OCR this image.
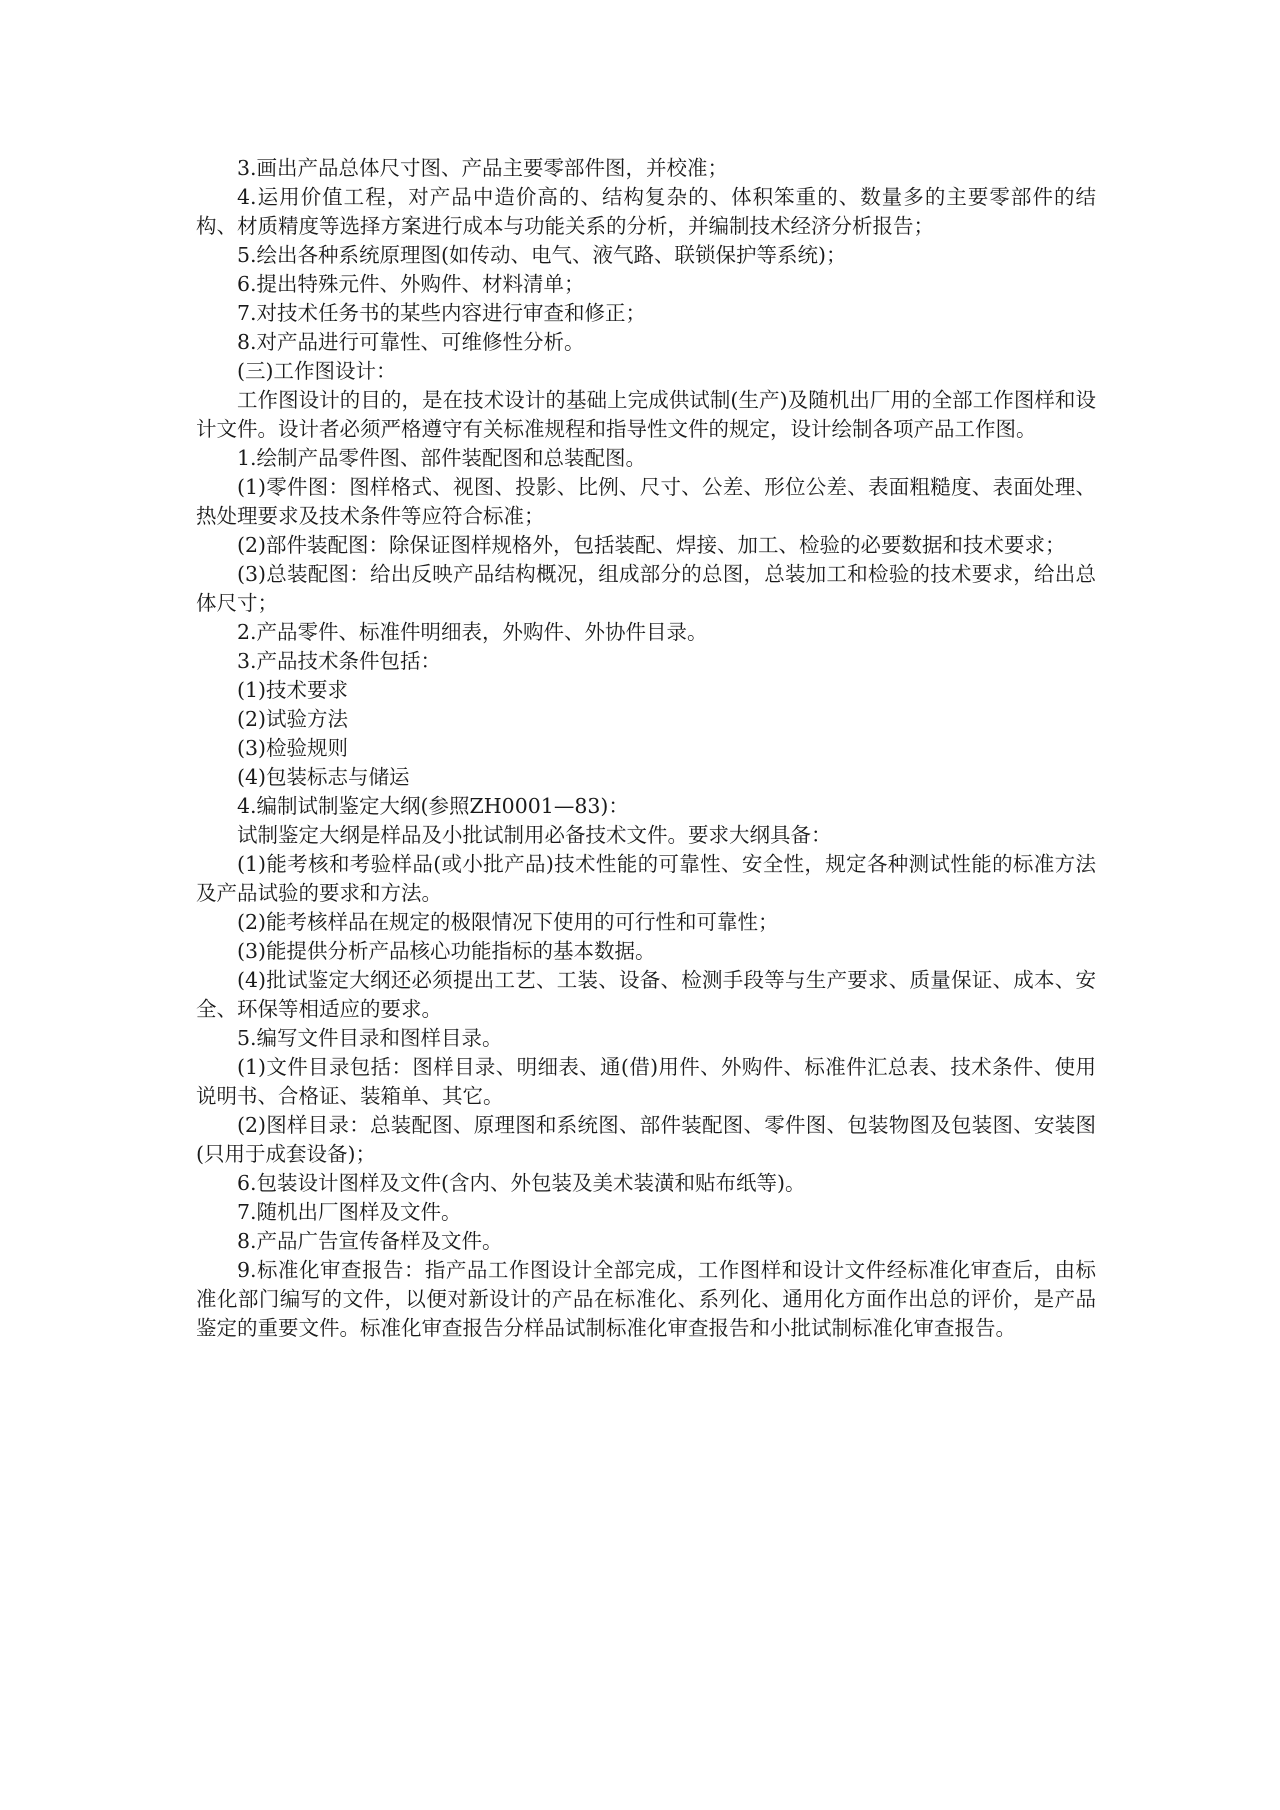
3.画出产品总体尺寸图、产品主要零部件图，并校准；

4.运用价值工程，对产品中造价高的、结构复杂的、体积笨重的、数量多的主要零部件的结构、材质精度等选择方案进行成本与功能关系的分析，并编制技术经济分析报告；

5.绘出各种系统原理图(如传动、电气、液气路、联锁保护等系统)；

6.提出特殊元件、外购件、材料清单；

7.对技术任务书的某些内容进行审查和修正；

8.对产品进行可靠性、可维修性分析。

(三)工作图设计：

工作图设计的目的，是在技术设计的基础上完成供试制(生产)及随机出厂用的全部工作图样和设计文件。设计者必须严格遵守有关标准规程和指导性文件的规定，设计绘制各项产品工作图。

1.绘制产品零件图、部件装配图和总装配图。

(1)零件图：图样格式、视图、投影、比例、尺寸、公差、形位公差、表面粗糙度、表面处理、热处理要求及技术条件等应符合标准；

(2)部件装配图：除保证图样规格外，包括装配、焊接、加工、检验的必要数据和技术要求；

(3)总装配图：给出反映产品结构概况，组成部分的总图，总装加工和检验的技术要求，给出总体尺寸；

2.产品零件、标准件明细表，外购件、外协件目录。

3.产品技术条件包括：

(1)技术要求

(2)试验方法

(3)检验规则

(4)包装标志与储运

4.编制试制鉴定大纲(参照ZH0001—83)：

试制鉴定大纲是样品及小批试制用必备技术文件。要求大纲具备：

(1)能考核和考验样品(或小批产品)技术性能的可靠性、安全性，规定各种测试性能的标准方法及产品试验的要求和方法。

(2)能考核样品在规定的极限情况下使用的可行性和可靠性；

(3)能提供分析产品核心功能指标的基本数据。

(4)批试鉴定大纲还必须提出工艺、工装、设备、检测手段等与生产要求、质量保证、成本、安全、环保等相适应的要求。

5.编写文件目录和图样目录。

(1)文件目录包括：图样目录、明细表、通(借)用件、外购件、标准件汇总表、技术条件、使用说明书、合格证、装箱单、其它。

(2)图样目录：总装配图、原理图和系统图、部件装配图、零件图、包装物图及包装图、安装图(只用于成套设备)；

6.包装设计图样及文件(含内、外包装及美术装潢和贴布纸等)。

7.随机出厂图样及文件。

8.产品广告宣传备样及文件。

9.标准化审查报告：指产品工作图设计全部完成，工作图样和设计文件经标准化审查后，由标准化部门编写的文件，以便对新设计的产品在标准化、系列化、通用化方面作出总的评价，是产品鉴定的重要文件。标准化审查报告分样品试制标准化审查报告和小批试制标准化审查报告。
